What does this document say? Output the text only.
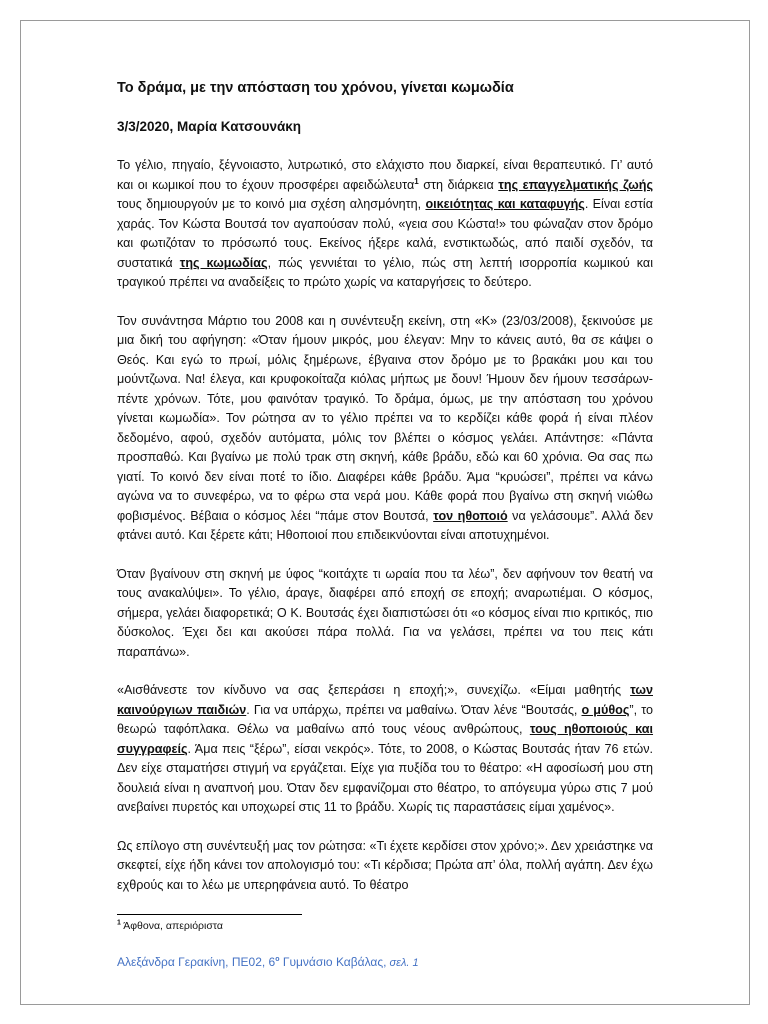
Το δράμα, με την απόσταση του χρόνου, γίνεται κωμωδία
3/3/2020, Μαρία Κατσουνάκη

Το γέλιο, πηγαίο, ξέγνοιαστο, λυτρωτικό, στο ελάχιστο που διαρκεί, είναι θεραπευτικό. Γι’ αυτό και οι κωμικοί που το έχουν προσφέρει αφειδώλευτα$^1$ στη διάρκεια της επαγγελματικής ζωής τους δημιουργούν με το κοινό μια σχέση αλησμόνητη, οικειότητας και καταφυγής. Είναι εστία χαράς. Τον Κώστα Βουτσά τον αγαπούσαν πολύ, «γεια σου Κώστα!» του φώναζαν στον δρόμο και φωτιζόταν το πρόσωπό τους. Εκείνος ήξερε καλά, ενστικτωδώς, από παιδί σχεδόν, τα συστατικά της κωμωδίας, πώς γεννιέται το γέλιο, πώς στη λεπτή ισορροπία κωμικού και τραγικού πρέπει να αναδείξεις το πρώτο χωρίς να καταργήσεις το δεύτερο.

Τον συνάντησα Μάρτιο του 2008 και η συνέντευξη εκείνη, στη «Κ» (23/03/2008), ξεκινούσε με μια δική του αφήγηση: «Όταν ήμουν μικρός, μου έλεγαν: Μην το κάνεις αυτό, θα σε κάψει ο Θεός. Και εγώ το πρωί, μόλις ξημέρωνε, έβγαινα στον δρόμο με το βρακάκι μου και του μούντζωνα. Να! έλεγα, και κρυφοκοίταζα κιόλας μήπως με δουν! Ήμουν δεν ήμουν τεσσάρων-πέντε χρόνων. Τότε, μου φαινόταν τραγικό. Το δράμα, όμως, με την απόσταση του χρόνου γίνεται κωμωδία». Τον ρώτησα αν το γέλιο πρέπει να το κερδίζει κάθε φορά ή είναι πλέον δεδομένο, αφού, σχεδόν αυτόματα, μόλις τον βλέπει ο κόσμος γελάει. Απάντησε: «Πάντα προσπαθώ. Και βγαίνω με πολύ τρακ στη σκηνή, κάθε βράδυ, εδώ και 60 χρόνια. Θα σας πω γιατί. Το κοινό δεν είναι ποτέ το ίδιο. Διαφέρει κάθε βράδυ. Άμα “κρυώσει”, πρέπει να κάνω αγώνα να το συνεφέρω, να το φέρω στα νερά μου. Κάθε φορά που βγαίνω στη σκηνή νιώθω φοβισμένος. Βέβαια ο κόσμος λέει “πάμε στον Βουτσά, τον ηθοποιό να γελάσουμε”. Αλλά δεν φτάνει αυτό. Και ξέρετε κάτι; Ηθοποιοί που επιδεικνύονται είναι αποτυχημένοι.

Όταν βγαίνουν στη σκηνή με ύφος “κοιτάχτε τι ωραία που τα λέω”, δεν αφήνουν τον θεατή να τους ανακαλύψει». Το γέλιο, άραγε, διαφέρει από εποχή σε εποχή; αναρωτιέμαι. Ο κόσμος, σήμερα, γελάει διαφορετικά; Ο Κ. Βουτσάς έχει διαπιστώσει ότι «ο κόσμος είναι πιο κριτικός, πιο δύσκολος. Έχει δει και ακούσει πάρα πολλά. Για να γελάσει, πρέπει να του πεις κάτι παραπάνω».

«Αισθάνεστε τον κίνδυνο να σας ξεπεράσει η εποχή;», συνεχίζω. «Είμαι μαθητής των καινούργιων παιδιών. Για να υπάρχω, πρέπει να μαθαίνω. Όταν λένε “Βουτσάς, ο μύθος”, το θεωρώ ταφόπλακα. Θέλω να μαθαίνω από τους νέους ανθρώπους, τους ηθοποιούς και συγγραφείς. Άμα πεις “ξέρω”, είσαι νεκρός». Τότε, το 2008, ο Κώστας Βουτσάς ήταν 76 ετών. Δεν είχε σταματήσει στιγμή να εργάζεται. Είχε για πυξίδα του το θέατρο: «Η αφοσίωσή μου στη δουλειά είναι η αναπνοή μου. Όταν δεν εμφανίζομαι στο θέατρο, το απόγευμα γύρω στις 7 μού ανεβαίνει πυρετός και υποχωρεί στις 11 το βράδυ. Χωρίς τις παραστάσεις είμαι χαμένος».

Ως επίλογο στη συνέντευξή μας τον ρώτησα: «Τι έχετε κερδίσει στον χρόνο;». Δεν χρειάστηκε να σκεφτεί, είχε ήδη κάνει τον απολογισμό του: «Τι κέρδισα; Πρώτα απ’ όλα, πολλή αγάπη. Δεν έχω εχθρούς και το λέω με υπερηφάνεια αυτό. Το θέατρο

$^1$ Άφθονα, απεριόριστα
Αλεξάνδρα Γερακίνη, ΠΕ02, $6^o$ Γυμνάσιο Καβάλας, σελ. 1
